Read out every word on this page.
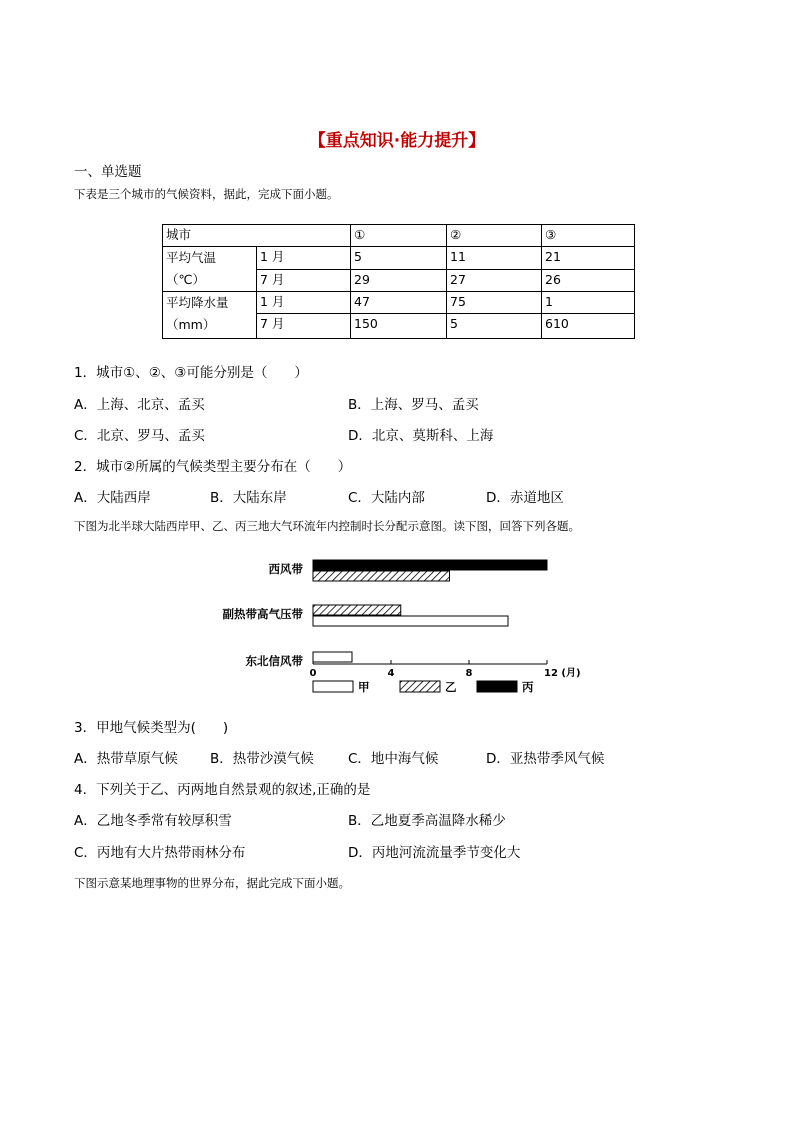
【重点知识·能力提升】
一、单选题
下表是三个城市的气候资料，据此，完成下面小题。
城市		①	②	③

平均气温
（℃）	1 月	5	11	21
	7 月	29	27	26

平均降水量
（mm）	1 月	47	75	1
	7 月	150	5	610
1．城市①、②、③可能分别是（　　）
A．上海、北京、孟买	B．上海、罗马、孟买
C．北京、罗马、孟买	D．北京、莫斯科、上海
2．城市②所属的气候类型主要分布在（　　）
A．大陆西岸	B．大陆东岸	C．大陆内部	D．赤道地区
下图为北半球大陆西岸甲、乙、丙三地大气环流年内控制时长分配示意图。读下图，回答下列各题。
西风带
副热带高气压带
东北信风带
0	4	8	12 (月)
甲	乙	丙
3．甲地气候类型为(　　)
A．热带草原气候 B．热带沙漠气候	C．地中海气候	D．亚热带季风气候
4．下列关于乙、丙两地自然景观的叙述,正确的是
A．乙地冬季常有较厚积雪	B．乙地夏季高温降水稀少
C．丙地有大片热带雨林分布	D．丙地河流流量季节变化大
下图示意某地理事物的世界分布，据此完成下面小题。
